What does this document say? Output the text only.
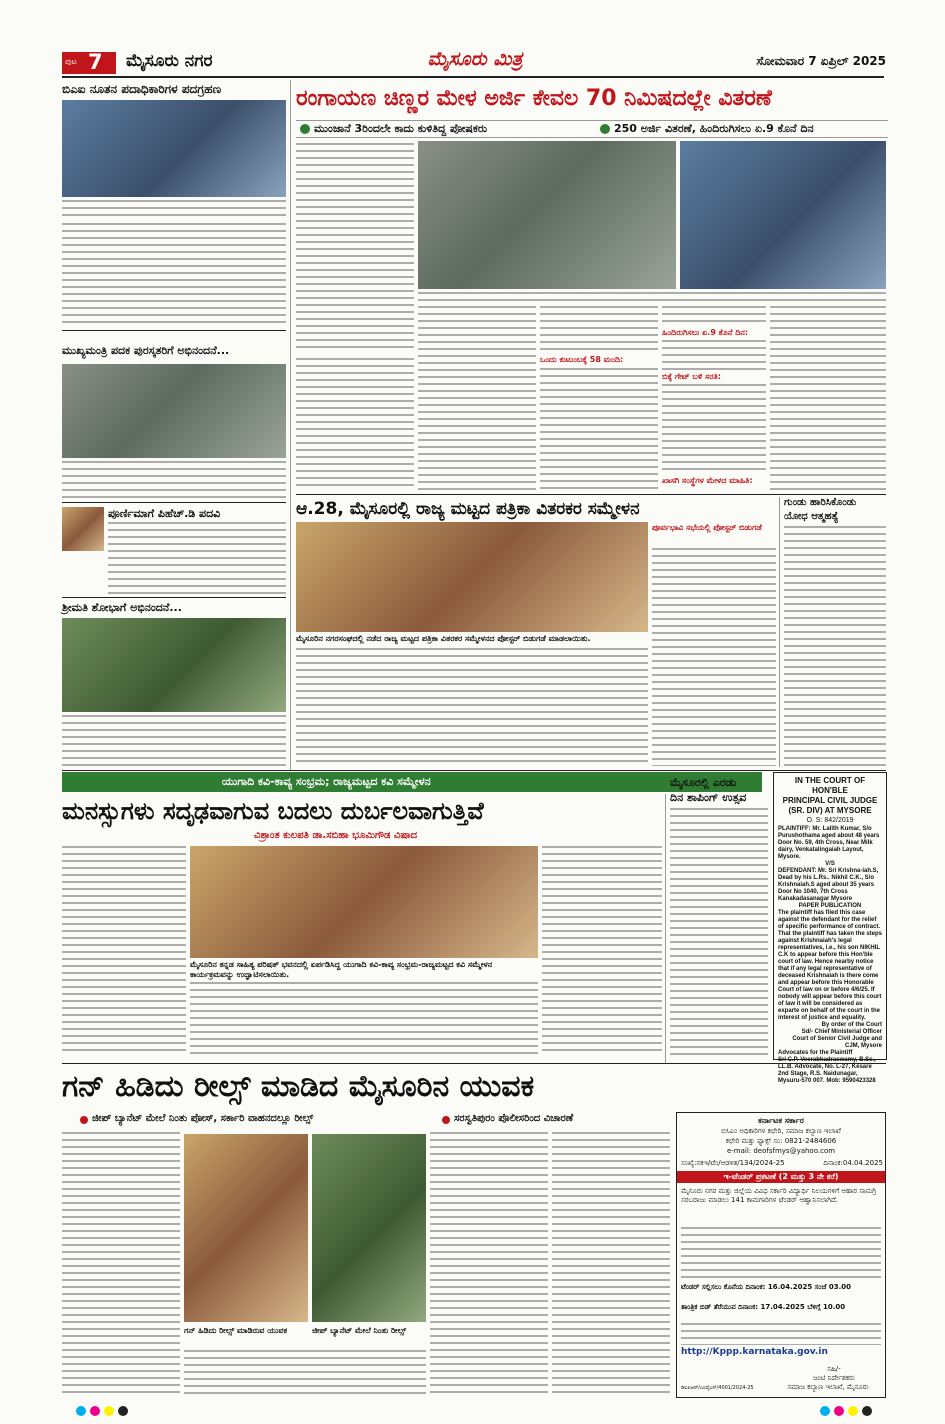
ಪುಟ 7 ಮೈಸೂರು ನಗರ	ಮೈಸೂರು ಮಿತ್ರ	ಸೋಮವಾರ 7 ಏಪ್ರಿಲ್ 2025
ಬಿಎಐ ನೂತನ ಪದಾಧಿಕಾರಿಗಳ ಪದಗ್ರಹಣ
ಮುಖ್ಯಮಂತ್ರಿ ಪದಕ ಪುರಸ್ಕತರಿಗೆ ಅಭಿನಂದನೆ...
ಪೂರ್ಣಿಮಾಗೆ ಪಿಹೆಚ್.ಡಿ ಪದವಿ
ಶ್ರೀಮತಿ ಶೋಭಾಗೆ ಅಭಿನಂದನೆ...
ರಂಗಾಯಣ ಚಿಣ್ಣರ ಮೇಳ ಅರ್ಜಿ ಕೇವಲ 70 ನಿಮಿಷದಲ್ಲೇ ವಿತರಣೆ
ಮುಂಜಾನೆ 3ರಿಂದಲೇ ಕಾದು ಕುಳಿತಿದ್ದ ಪೋಷಕರು	250 ಅರ್ಜಿ ವಿತರಣೆ, ಹಿಂದಿರುಗಿಸಲು ಏ.9 ಕೊನೆ ದಿನ
ಒಂದು ಕುಟುಂಬಕ್ಕೆ 58 ಮಂದಿ:
ಹಿಂದಿರುಗಿಸಲು ಏ.9 ಕೊನೆ ದಿನ:
ಬಿಕ್ಕೆ ಗೇಟ್ ಬಳಿ ಸರತಿ:
ಖಾಸಗಿ ಸಂಸ್ಥೆಗಳ ಮೇಳದ ಮಾಹಿತಿ:
ಆ.28, ಮೈಸೂರಲ್ಲಿ ರಾಜ್ಯ ಮಟ್ಟದ ಪತ್ರಿಕಾ ವಿತರಕರ ಸಮ್ಮೇಳನ
ಮೈಸೂರಿನ ನಗರಸಂಘದಲ್ಲಿ ನಡೆದ ರಾಜ್ಯ ಮಟ್ಟದ ಪತ್ರಿಕಾ ವಿತರಕರ ಸಮ್ಮೇಳನದ ಪೋಸ್ಟರ್ ಬಿಡುಗಡೆ ಮಾಡಲಾಯಿತು.
ಪೂರ್ವಭಾವಿ ಸಭೆಯಲ್ಲಿ ಪೋಸ್ಟರ್ ಬಿಡುಗಡೆ
ಗುಂಡು ಹಾರಿಸಿಕೊಂಡು
ಯೋಧ ಆತ್ಮಹತ್ಯೆ
ಯುಗಾದಿ ಕವಿ-ಕಾವ್ಯ ಸಂಭ್ರಮ; ರಾಜ್ಯಮಟ್ಟದ ಕವಿ ಸಮ್ಮೇಳನ
ಮನಸ್ಸುಗಳು ಸದೃಢವಾಗುವ ಬದಲು ದುರ್ಬಲವಾಗುತ್ತಿವೆ
ವಿಶ್ರಾಂತ ಕುಲಪತಿ ಡಾ.ಸಬಿಹಾ ಭೂಮಿಗೌಡ ವಿಷಾದ
ಮೈಸೂರಿನ ಕನ್ನಡ ಸಾಹಿತ್ಯ ಪರಿಷತ್ ಭವನದಲ್ಲಿ ಏರ್ಪಡಿಸಿದ್ದ ಯುಗಾದಿ ಕವಿ-ಕಾವ್ಯ ಸಂಭ್ರಮ-ರಾಜ್ಯಮಟ್ಟದ ಕವಿ ಸಮ್ಮೇಳನ ಕಾರ್ಯಕ್ರಮವನ್ನು ಉದ್ಘಾಟಿಸಲಾಯಿತು.
ಮೈಸೂರಲ್ಲಿ ಎರಡು
ದಿನ ಶಾಪಿಂಗ್ ಉತ್ಸವ
IN THE COURT OF HON'BLE
PRINCIPAL CIVIL JUDGE
(SR. DIV) AT MYSORE
O. S: 842/2019
PLAINTIFF: Mr. Lalith Kumar, S/o Purushothama aged about 48 years Door No. 59, 4th Cross, Near Milk dairy, Venkatalingaiah Layout, Mysore.
V/S
DEFENDANT: Mr. Sri Krishna-iah.S, Dead by his L.Rs.. Nikhil C.K., S/o Krishnaiah.S aged about 35 years Door No 1040, 7th Cross Kanakadasanagar Mysore
PAPER PUBLICATION
The plaintiff has filed this case against the defendant for the relief of specific performance of contract. That the plaintiff has taken the steps against Krishnaiah's legal representatives, i.e., his son NIKHIL C.K to appear before this Hon'ble court of law. Hence nearby notice that if any legal representative of deceased Krishnaiah is there come and appear before this Honorable Court of law on or before 4/6/25. If nobody will appear before this court of law it will be considered as exparte on behalf of the court in the interest of justice and equality.
By order of the Court
Sd/- Chief Ministerial Officer
Court of Senior Civil Judge and CJM, Mysore
Advocates for the Plaintiff
Sri C.P. Veerabhadraswamy, B.Sc., LL.B. Advocate, No. L-27, Kesare 2nd Stage, R.S. Naidunagar, Mysuru-570 007. Mob: 9590423328
ಗನ್ ಹಿಡಿದು ರೀಲ್ಸ್ ಮಾಡಿದ ಮೈಸೂರಿನ ಯುವಕ
ಜೀಪ್ ಬ್ಯಾನೆಟ್ ಮೇಲೆ ನಿಂತು ಪೋಸ್, ಸರ್ಕಾರಿ ವಾಹನದಲ್ಲೂ ರೀಲ್ಸ್	ಸರಸ್ವತಿಪುರಂ ಪೊಲೀಸರಿಂದ ವಿಚಾರಣೆ
ಗನ್ ಹಿಡಿದು ರೀಲ್ಸ್ ಮಾಡಿರುವ ಯುವಕ	ಜೀಪ್ ಬ್ಯಾನೆಟ್ ಮೇಲೆ ನಿಂತು ರೀಲ್ಸ್
ಕರ್ನಾಟಕ ಸರ್ಕಾರ
ಬಿಸಿಎಂ ಅಧಿಕಾರಿಗಳ ಕಛೇರಿ, ಸಮಾಜ ಕಲ್ಯಾಣ ಇಲಾಖೆ
ಕಛೇರಿ ಮತ್ತು ಫ್ಯಾಕ್ಸ್ ಸಂ: 0821-2484606
e-mail: deofsfmys@yahoo.com
ಸಂಖ್ಯೆ:ಸಕಇ/ಟೆಂ/ಆಡಳಿತ/134/2024-25	ದಿನಾಂಕ:04.04.2025
ಇ-ಟೆಂಡರ್ ಪ್ರಕಟಣೆ (2 ಮತ್ತು 3 ನೇ ಕರೆ)
ಮೈಸೂರು ನಗರ ಮತ್ತು ಜಿಲ್ಲೆಯ ವಿವಿಧ ಸರ್ಕಾರಿ ವಿದ್ಯಾರ್ಥಿ ನಿಲಯಗಳಿಗೆ ಆಹಾರ ಸಾಮಗ್ರಿ ಸರಬರಾಜು ಮಾಡಲು 141 ಕಾಮಗಾರಿಗಳ ಟೆಂಡರ್ ಆಹ್ವಾನಿಸಲಾಗಿದೆ.
ಟೆಂಡರ್ ಸಲ್ಲಿಸಲು ಕೊನೆಯ ದಿನಾಂಕ: 16.04.2025 ಸಂಜೆ 03.00
ತಾಂತ್ರಿಕ ಬಿಡ್ ತೆರೆಯುವ ದಿನಾಂಕ: 17.04.2025 ಬೆಳಿಗ್ಗೆ 10.00
http://Kppp.karnataka.gov.in
ಸಹಿ/-
ಜಂಟಿ ನಿರ್ದೇಶಕರು
ಸಮಾಜ ಕಲ್ಯಾಣ ಇಲಾಖೆ, ಮೈಸೂರು
ಡಿಐಪಿಆರ್/ಎಂವೈಎಸ್/4001/2024-25
